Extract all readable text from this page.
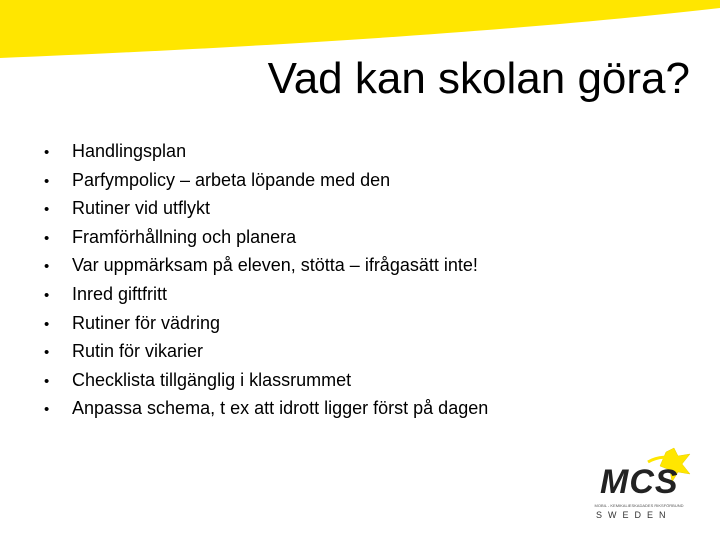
Vad kan skolan göra?
•	Handlingsplan
•	Parfympolicy – arbeta löpande med den
•	Rutiner vid utflykt
•	Framförhållning och planera
•	Var uppmärksam på eleven, stötta – ifrågasätt inte!
•	Inred giftfritt
•	Rutiner för vädring
•	Rutin för vikarier
•	Checklista tillgänglig i klassrummet
•	Anpassa schema, t ex att idrott ligger först på dagen
MCS
MOBIL - KEMIKALIESKADADES RIKSFÖRBUND
SWEDEN
